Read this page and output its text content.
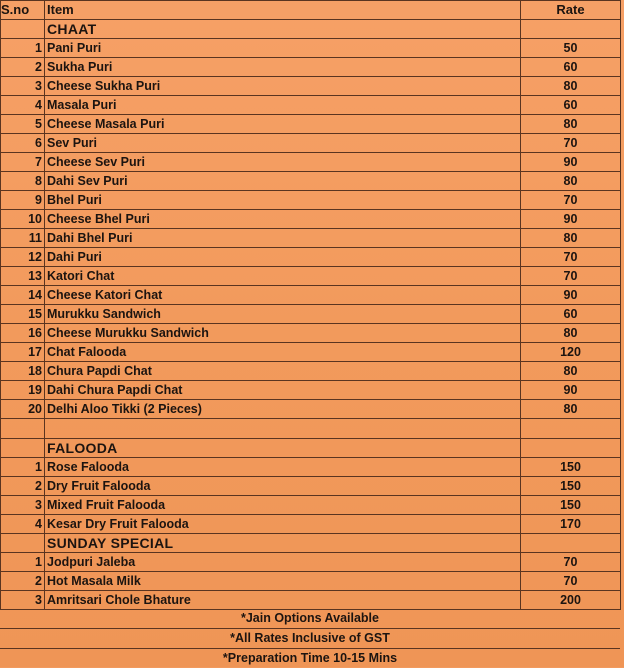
S.no	Item	Rate
	CHAAT	
1	Pani Puri	50
2	Sukha Puri	60
3	Cheese Sukha Puri	80
4	Masala Puri	60
5	Cheese Masala Puri	80
6	Sev Puri	70
7	Cheese Sev Puri	90
8	Dahi Sev Puri	80
9	Bhel Puri	70
10	Cheese Bhel Puri	90
11	Dahi Bhel Puri	80
12	Dahi Puri	70
13	Katori Chat	70
14	Cheese Katori Chat	90
15	Murukku Sandwich	60
16	Cheese Murukku Sandwich	80
17	Chat Falooda	120
18	Chura Papdi Chat	80
19	Dahi Chura Papdi Chat	90
20	Delhi Aloo Tikki (2 Pieces)	80

	FALOODA	
1	Rose Falooda	150
2	Dry Fruit Falooda	150
3	Mixed Fruit Falooda	150
4	Kesar Dry Fruit Falooda	170
	SUNDAY SPECIAL	
1	Jodpuri Jaleba	70
2	Hot Masala Milk	70
3	Amritsari Chole Bhature	200
*Jain Options Available
*All Rates Inclusive of GST
*Preparation Time 10-15 Mins
